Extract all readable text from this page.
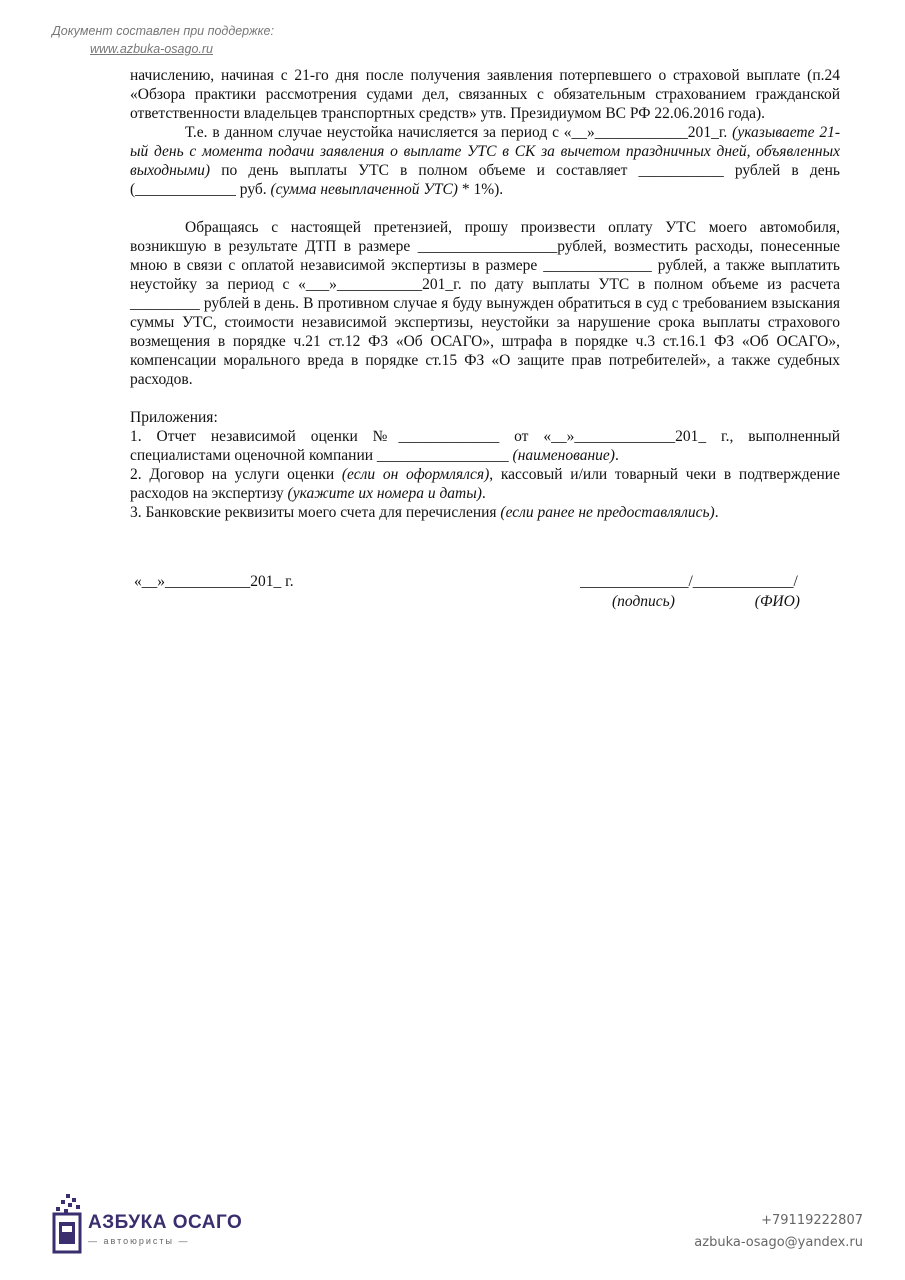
Документ составлен при поддержке:
www.azbuka-osago.ru

начислению, начиная с 21-го дня после получения заявления потерпевшего о страховой выплате (п.24 «Обзора практики рассмотрения судами дел, связанных с обязательным страхованием гражданской ответственности владельцев транспортных средств» утв. Президиумом ВС РФ 22.06.2016 года).

Т.е. в данном случае неустойка начисляется за период с «__»____________201_г. (указываете 21-ый день с момента подачи заявления о выплате УТС в СК за вычетом праздничных дней, объявленных выходными) по день выплаты УТС в полном объеме и составляет ___________ рублей в день (_____________ руб. (сумма невыплаченной УТС) * 1%).

Обращаясь с настоящей претензией, прошу произвести оплату УТС моего автомобиля, возникшую в результате ДТП в размере __________________рублей, возместить расходы, понесенные мною в связи с оплатой независимой экспертизы в размере ______________ рублей, а также выплатить неустойку за период с «___»___________201_г. по дату выплаты УТС в полном объеме из расчета _________ рублей в день. В противном случае я буду вынужден обратиться в суд с требованием взыскания суммы УТС, стоимости независимой экспертизы, неустойки за нарушение срока выплаты страхового возмещения в порядке ч.21 ст.12 ФЗ «Об ОСАГО», штрафа в порядке ч.3 ст.16.1 ФЗ «Об ОСАГО», компенсации морального вреда в порядке ст.15 ФЗ «О защите прав потребителей», а также судебных расходов.

Приложения:

1. Отчет независимой оценки №_____________ от «__»_____________201_ г., выполненный специалистами оценочной компании _________________ (наименование).

2. Договор на услуги оценки (если он оформлялся), кассовый и/или товарный чеки в подтверждение расходов на экспертизу (укажите их номера и даты).

3. Банковские реквизиты моего счета для перечисления (если ранее не предоставлялись).

«__»___________201_ г.	______________/_____________/
(подпись)	(ФИО)
АЗБУКА ОСАГО
— автоюристы —
+79119222807
azbuka-osago@yandex.ru
